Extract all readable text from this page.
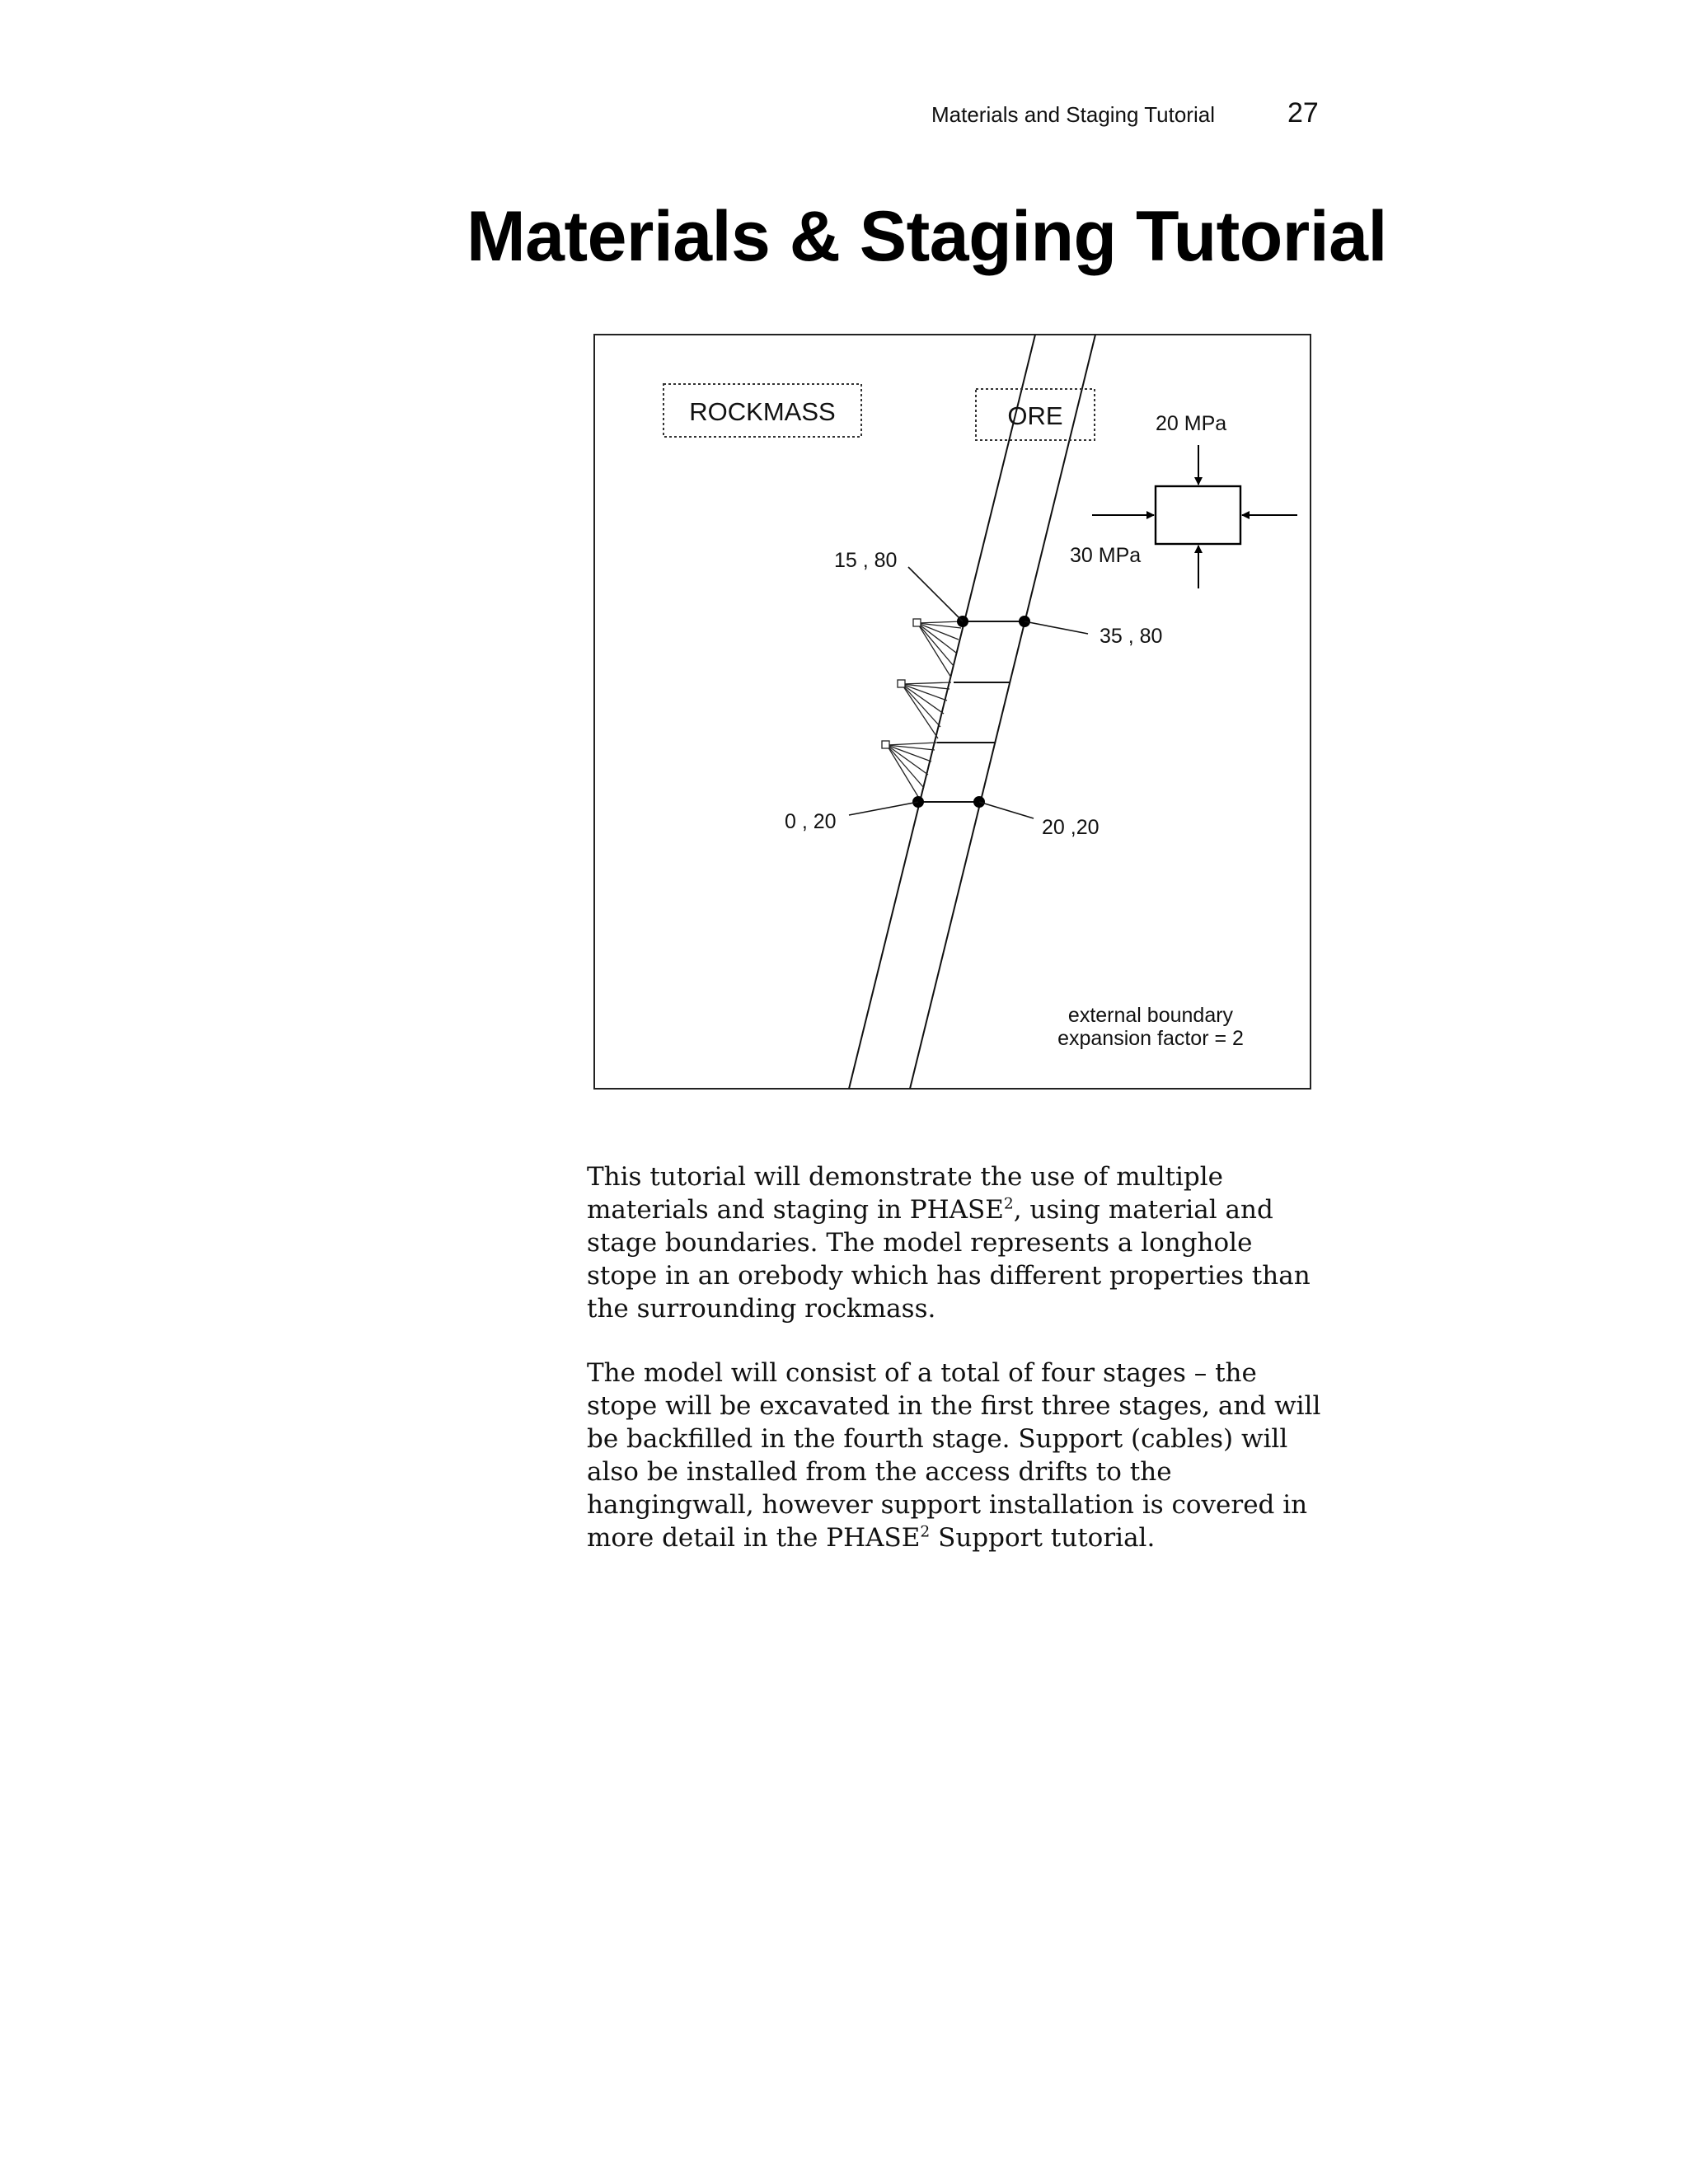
Materials and Staging Tutorial	27
Materials & Staging Tutorial
ROCKMASS	ORE	20 MPa
30 MPa
15 , 80
35 , 80
0 , 20	20 ,20
external boundary
expansion factor = 2

This tutorial will demonstrate the use of multiple materials and staging in PHASE$^2$, using material and stage boundaries. The model represents a longhole stope in an orebody which has different properties than the surrounding rockmass.

The model will consist of a total of four stages – the stope will be excavated in the first three stages, and will be backfilled in the fourth stage. Support (cables) will also be installed from the access drifts to the hangingwall, however support installation is covered in more detail in the PHASE$^2$ Support tutorial.
